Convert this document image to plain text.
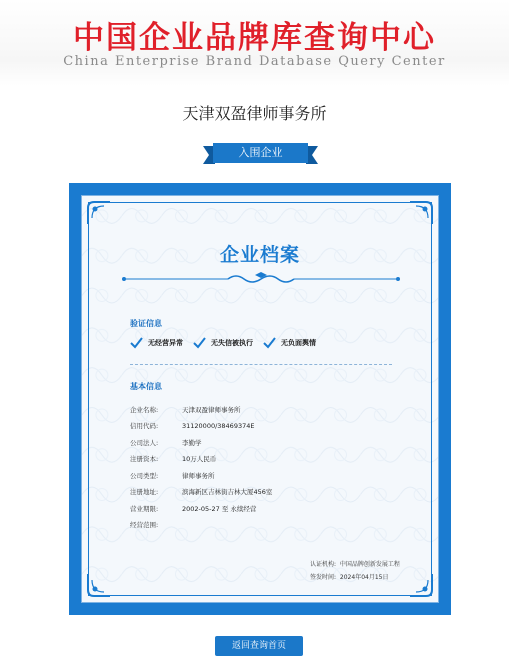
中国企业品牌库查询中心
China Enterprise Brand Database Query Center
天津双盈律师事务所
入围企业
企业档案
验证信息
无经营异常	无失信被执行	无负面舆情
基本信息
企业名称:	天津双盈律师事务所
信用代码:	31120000/38469374E
公司法人:	李勤学
注册资本:	10万人民币
公司类型:	律师事务所
注册地址:	滨海新区吉林街吉林大厦456室
营业期限:	2002-05-27 至 永续经营
经营范围:
认证机构: 中国品牌创新发展工程
签发时间: 2024年04月15日
返回查询首页
